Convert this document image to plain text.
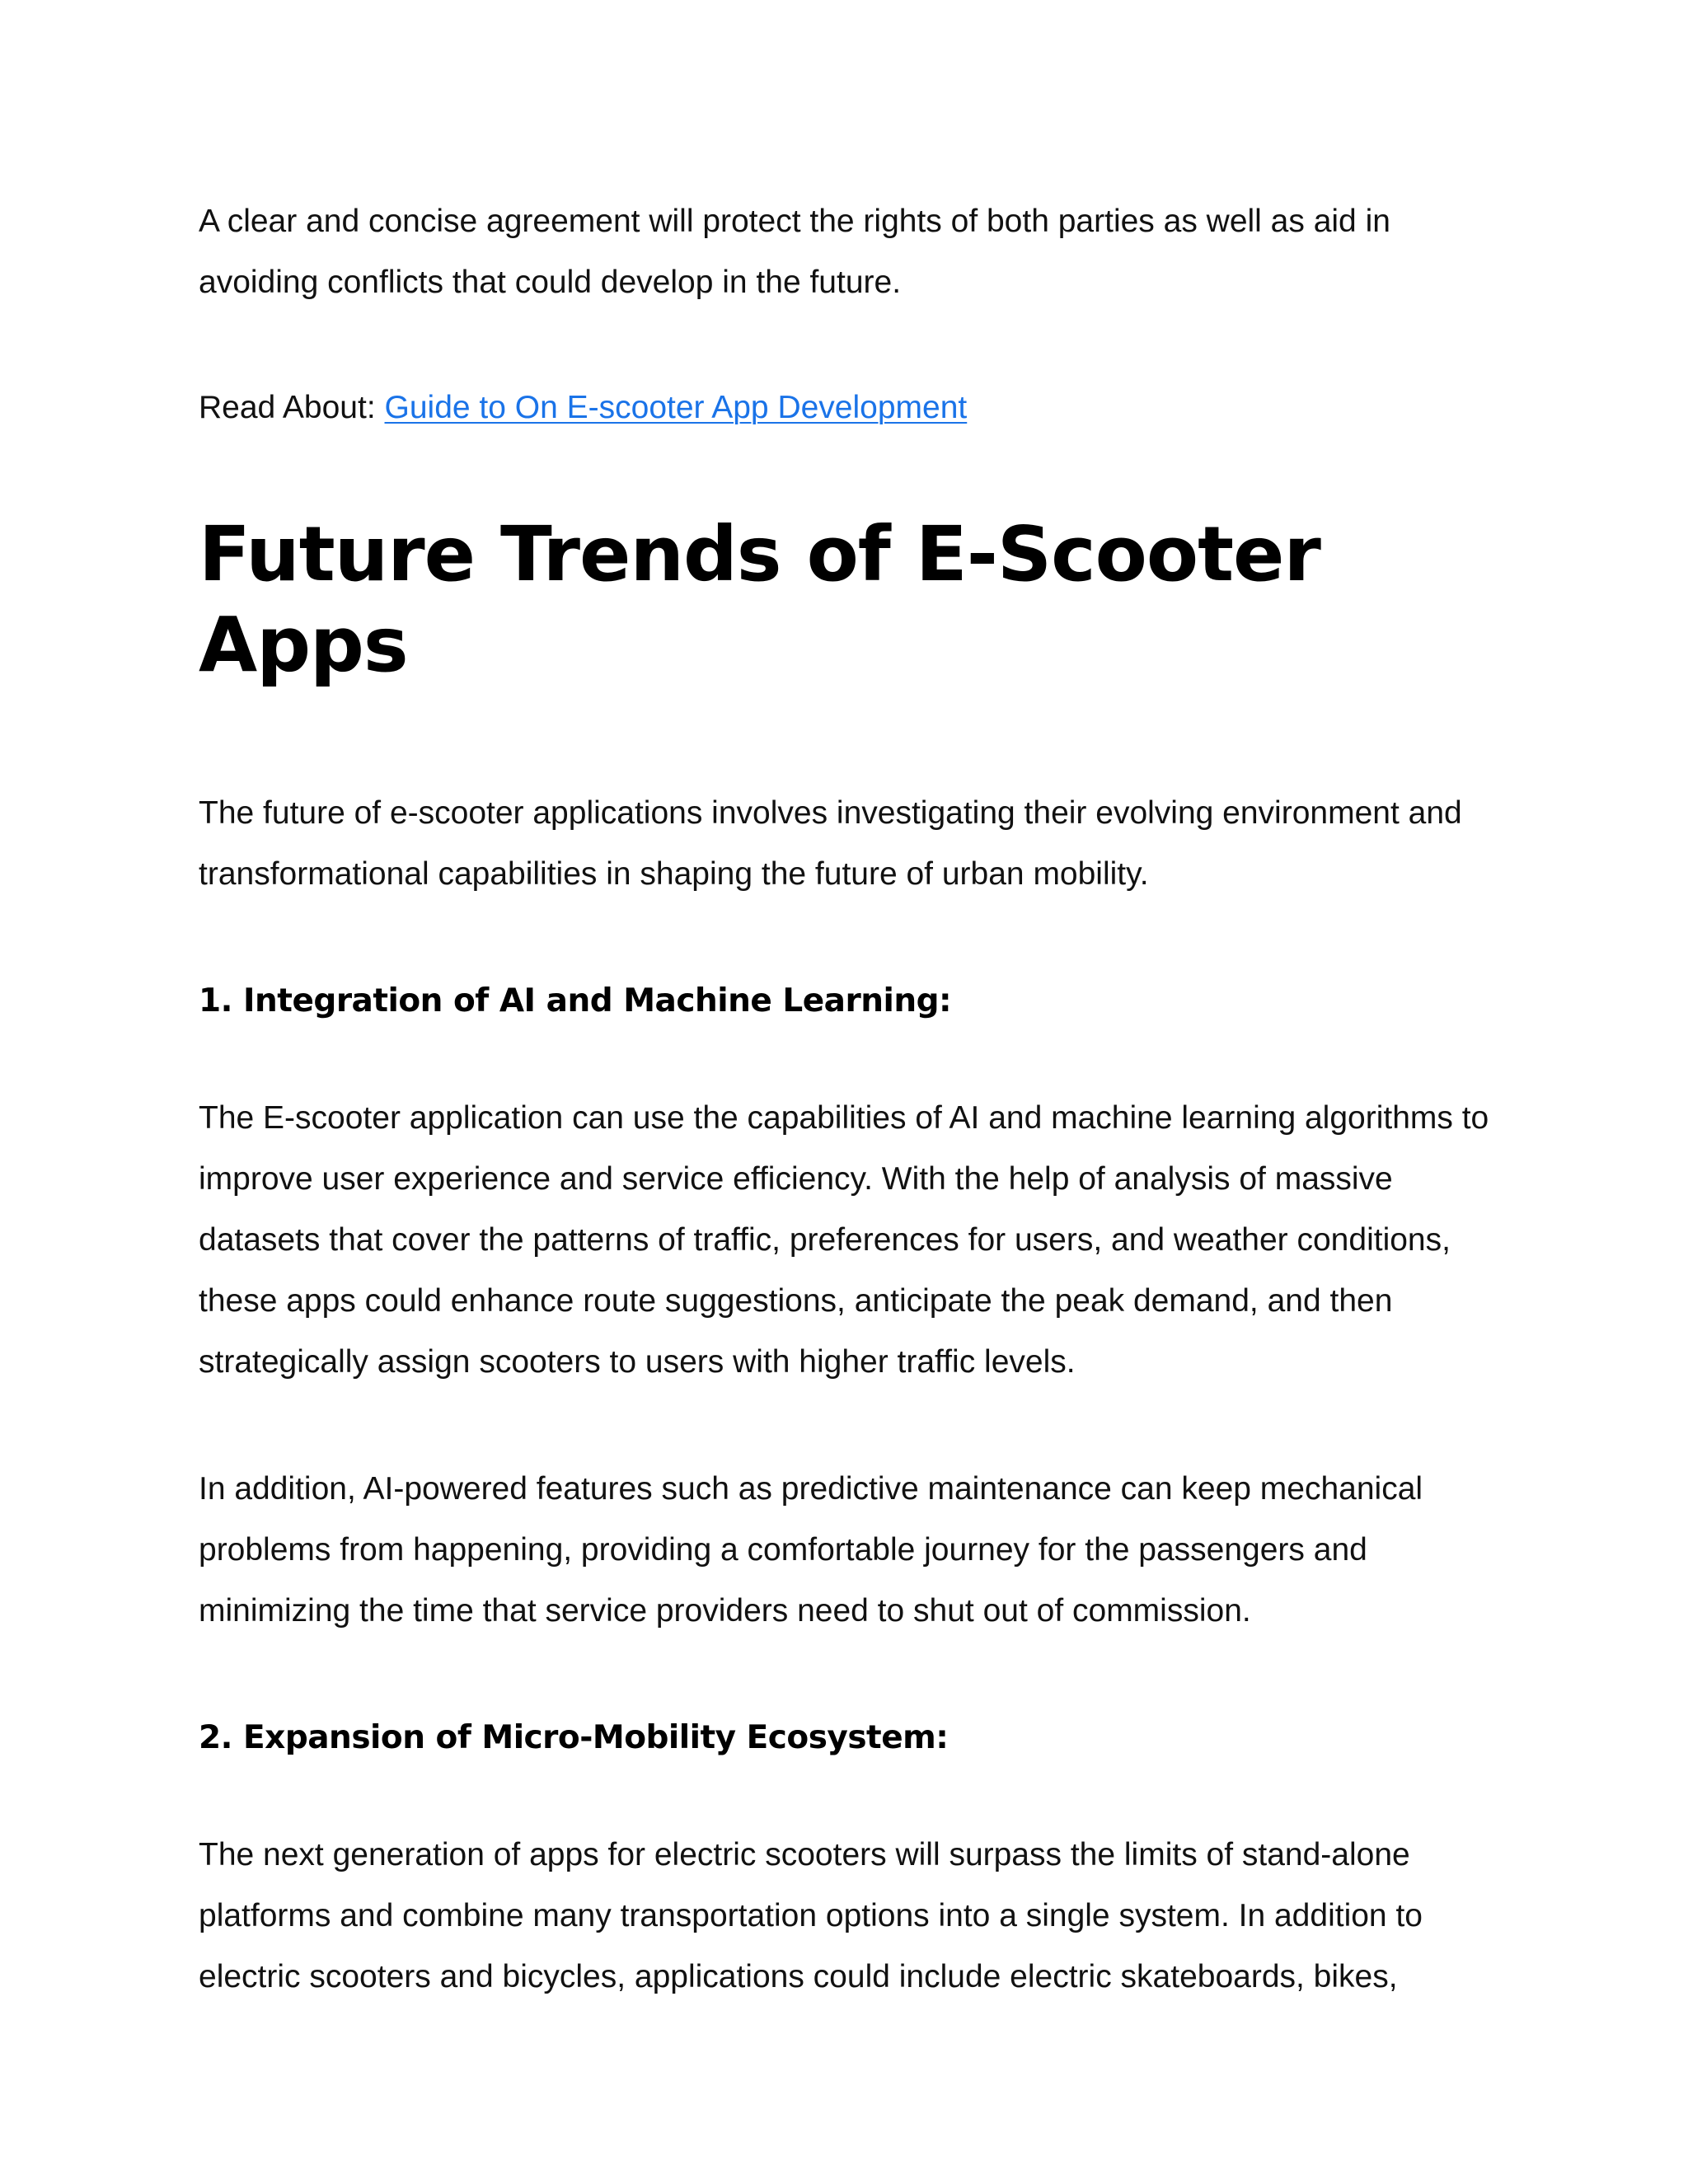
A clear and concise agreement will protect the rights of both parties as well as aid in avoiding conflicts that could develop in the future.

Read About: Guide to On E-scooter App Development

Future Trends of E-Scooter Apps

The future of e-scooter applications involves investigating their evolving environment and transformational capabilities in shaping the future of urban mobility.

1. Integration of AI and Machine Learning:

The E-scooter application can use the capabilities of AI and machine learning algorithms to improve user experience and service efficiency. With the help of analysis of massive datasets that cover the patterns of traffic, preferences for users, and weather conditions, these apps could enhance route suggestions, anticipate the peak demand, and then strategically assign scooters to users with higher traffic levels.

In addition, AI-powered features such as predictive maintenance can keep mechanical problems from happening, providing a comfortable journey for the passengers and minimizing the time that service providers need to shut out of commission.

2. Expansion of Micro-Mobility Ecosystem:

The next generation of apps for electric scooters will surpass the limits of stand-alone platforms and combine many transportation options into a single system. In addition to electric scooters and bicycles, applications could include electric skateboards, bikes,
